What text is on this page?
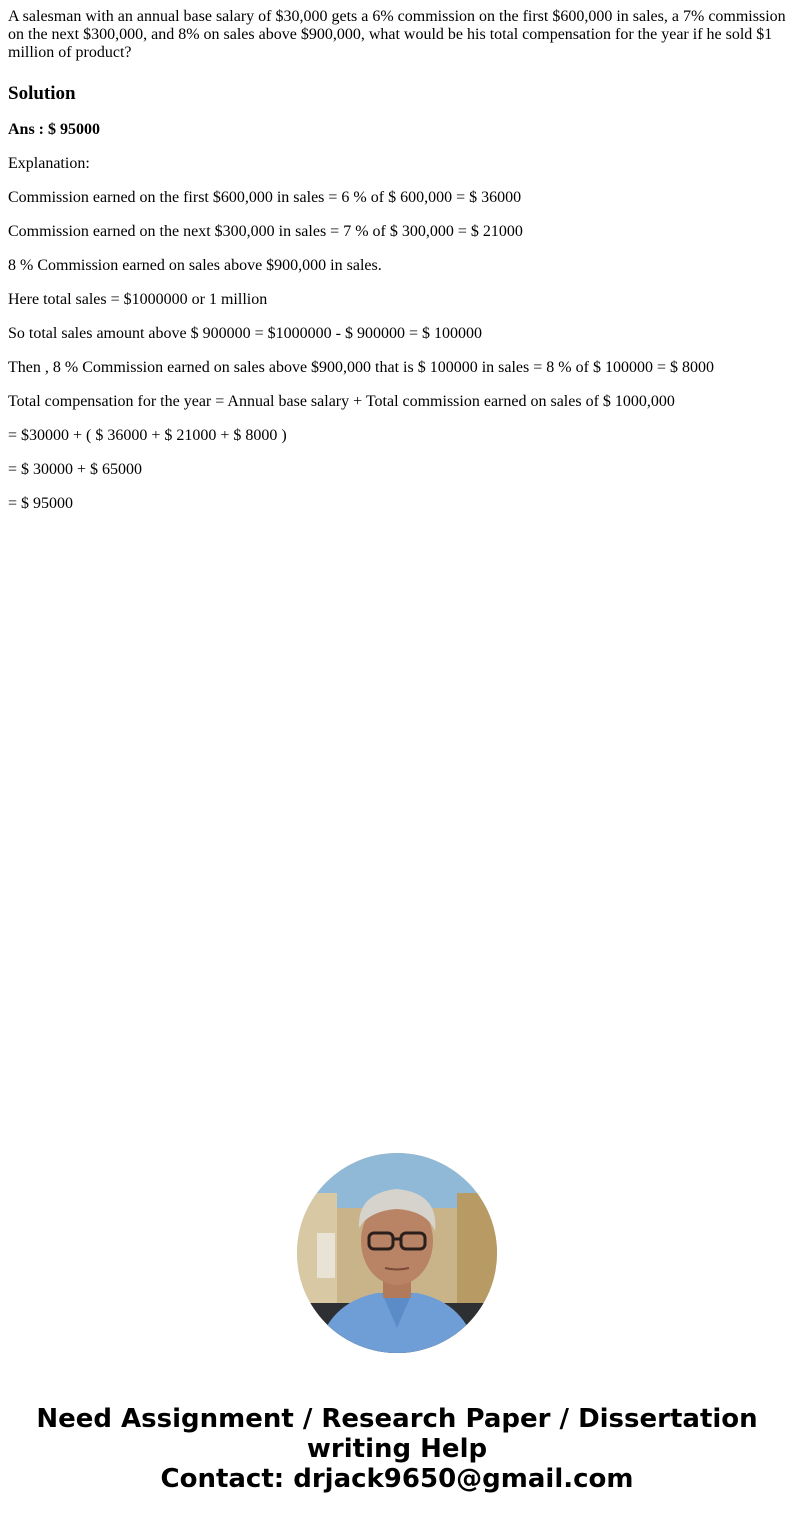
A salesman with an annual base salary of $30,000 gets a 6% commission on the first $600,000 in sales, a 7% commission on the next $300,000, and 8% on sales above $900,000, what would be his total compensation for the year if he sold $1 million of product?

Solution

Ans : $ 95000

Explanation:

Commission earned on the first $600,000 in sales = 6 % of $ 600,000 = $ 36000

Commission earned on the next $300,000 in sales = 7 % of $ 300,000 = $ 21000

8 % Commission earned on sales above $900,000 in sales.

Here total sales = $1000000 or 1 million

So total sales amount above $ 900000 = $1000000 - $ 900000 = $ 100000

Then , 8 % Commission earned on sales above $900,000 that is $ 100000 in sales = 8 % of $ 100000 = $ 8000

Total compensation for the year = Annual base salary + Total commission earned on sales of $ 1000,000

= $30000 + ( $ 36000 + $ 21000 + $ 8000 )

= $ 30000 + $ 65000

= $ 95000

Need Assignment / Research Paper / Dissertation
writing Help
Contact: drjack9650@gmail.com
